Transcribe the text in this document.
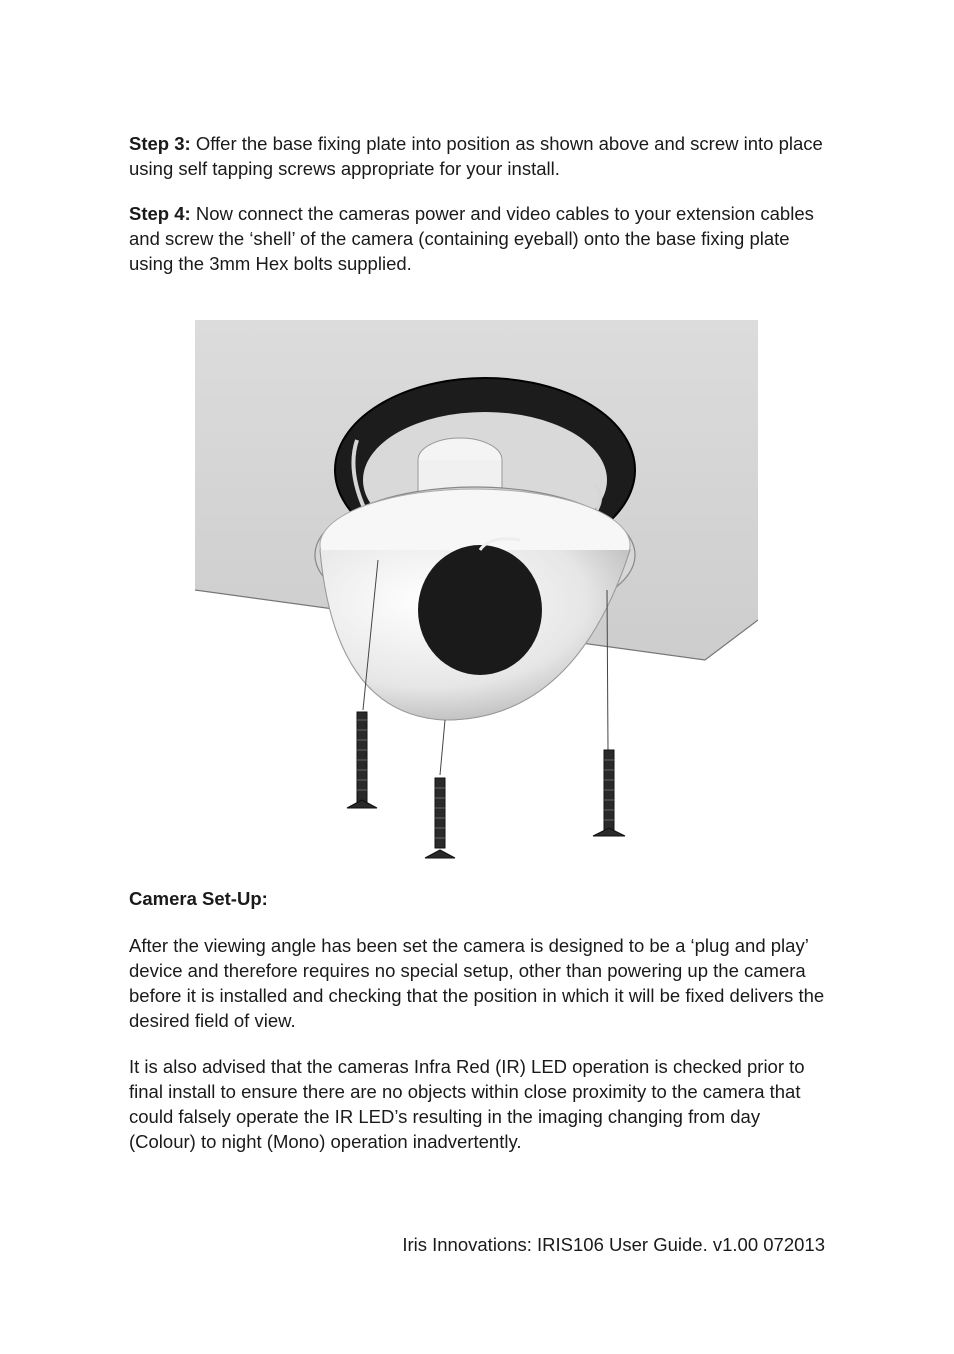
Step 3: Offer the base fixing plate into position as shown above and screw into place using self tapping screws appropriate for your install.

Step 4: Now connect the cameras power and video cables to your extension cables and screw the ‘shell’ of the camera (containing eyeball) onto the base fixing plate using the 3mm Hex bolts supplied.

Camera Set-Up:

After the viewing angle has been set the camera is designed to be a ‘plug and play’ device and therefore requires no special setup, other than powering up the camera before it is installed and checking that the position in which it will be fixed delivers the desired field of view.

It is also advised that the cameras Infra Red (IR) LED operation is checked prior to final install to ensure there are no objects within close proximity to the camera that could falsely operate the IR LED’s resulting in the imaging changing from day (Colour) to night (Mono) operation inadvertently.

Iris Innovations: IRIS106 User Guide. v1.00 072013
